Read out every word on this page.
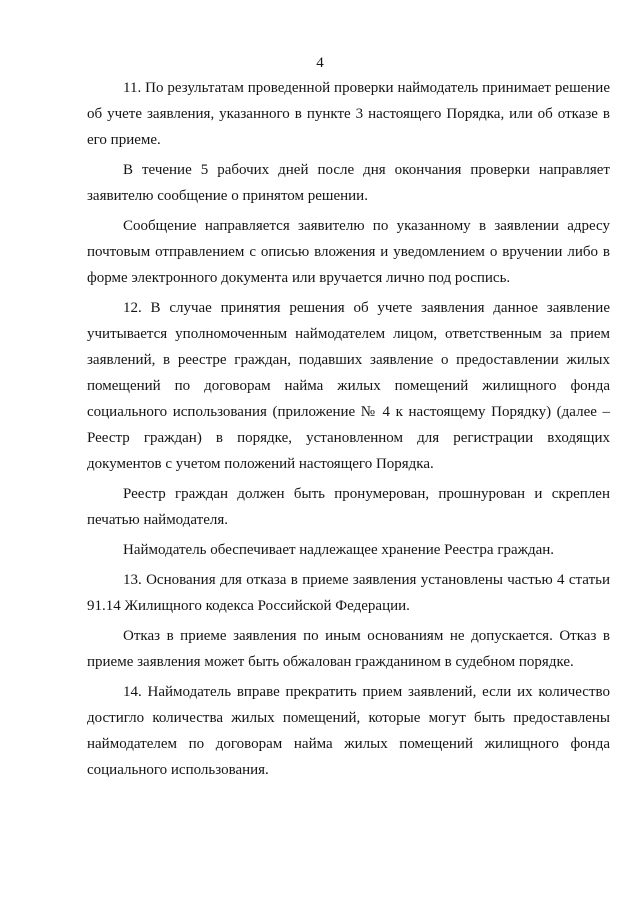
4

11. По результатам проведенной проверки наймодатель принимает решение об учете заявления, указанного в пункте 3 настоящего Порядка, или об отказе в его приеме.

В течение 5 рабочих дней после дня окончания проверки направляет заявителю сообщение о принятом решении.

Сообщение направляется заявителю по указанному в заявлении адресу почтовым отправлением с описью вложения и уведомлением о вручении либо в форме электронного документа или вручается лично под роспись.

12. В случае принятия решения об учете заявления данное заявление учитывается уполномоченным наймодателем лицом, ответственным за прием заявлений, в реестре граждан, подавших заявление о предоставлении жилых помещений по договорам найма жилых помещений жилищного фонда социального использования (приложение № 4 к настоящему Порядку) (далее – Реестр граждан) в порядке, установленном для регистрации входящих документов с учетом положений настоящего Порядка.

Реестр граждан должен быть пронумерован, прошнурован и скреплен печатью наймодателя.

Наймодатель обеспечивает надлежащее хранение Реестра граждан.

13. Основания для отказа в приеме заявления установлены частью 4 статьи 91.14 Жилищного кодекса Российской Федерации.

Отказ в приеме заявления по иным основаниям не допускается. Отказ в приеме заявления может быть обжалован гражданином в судебном порядке.

14. Наймодатель вправе прекратить прием заявлений, если их количество достигло количества жилых помещений, которые могут быть предоставлены наймодателем по договорам найма жилых помещений жилищного фонда социального использования.
